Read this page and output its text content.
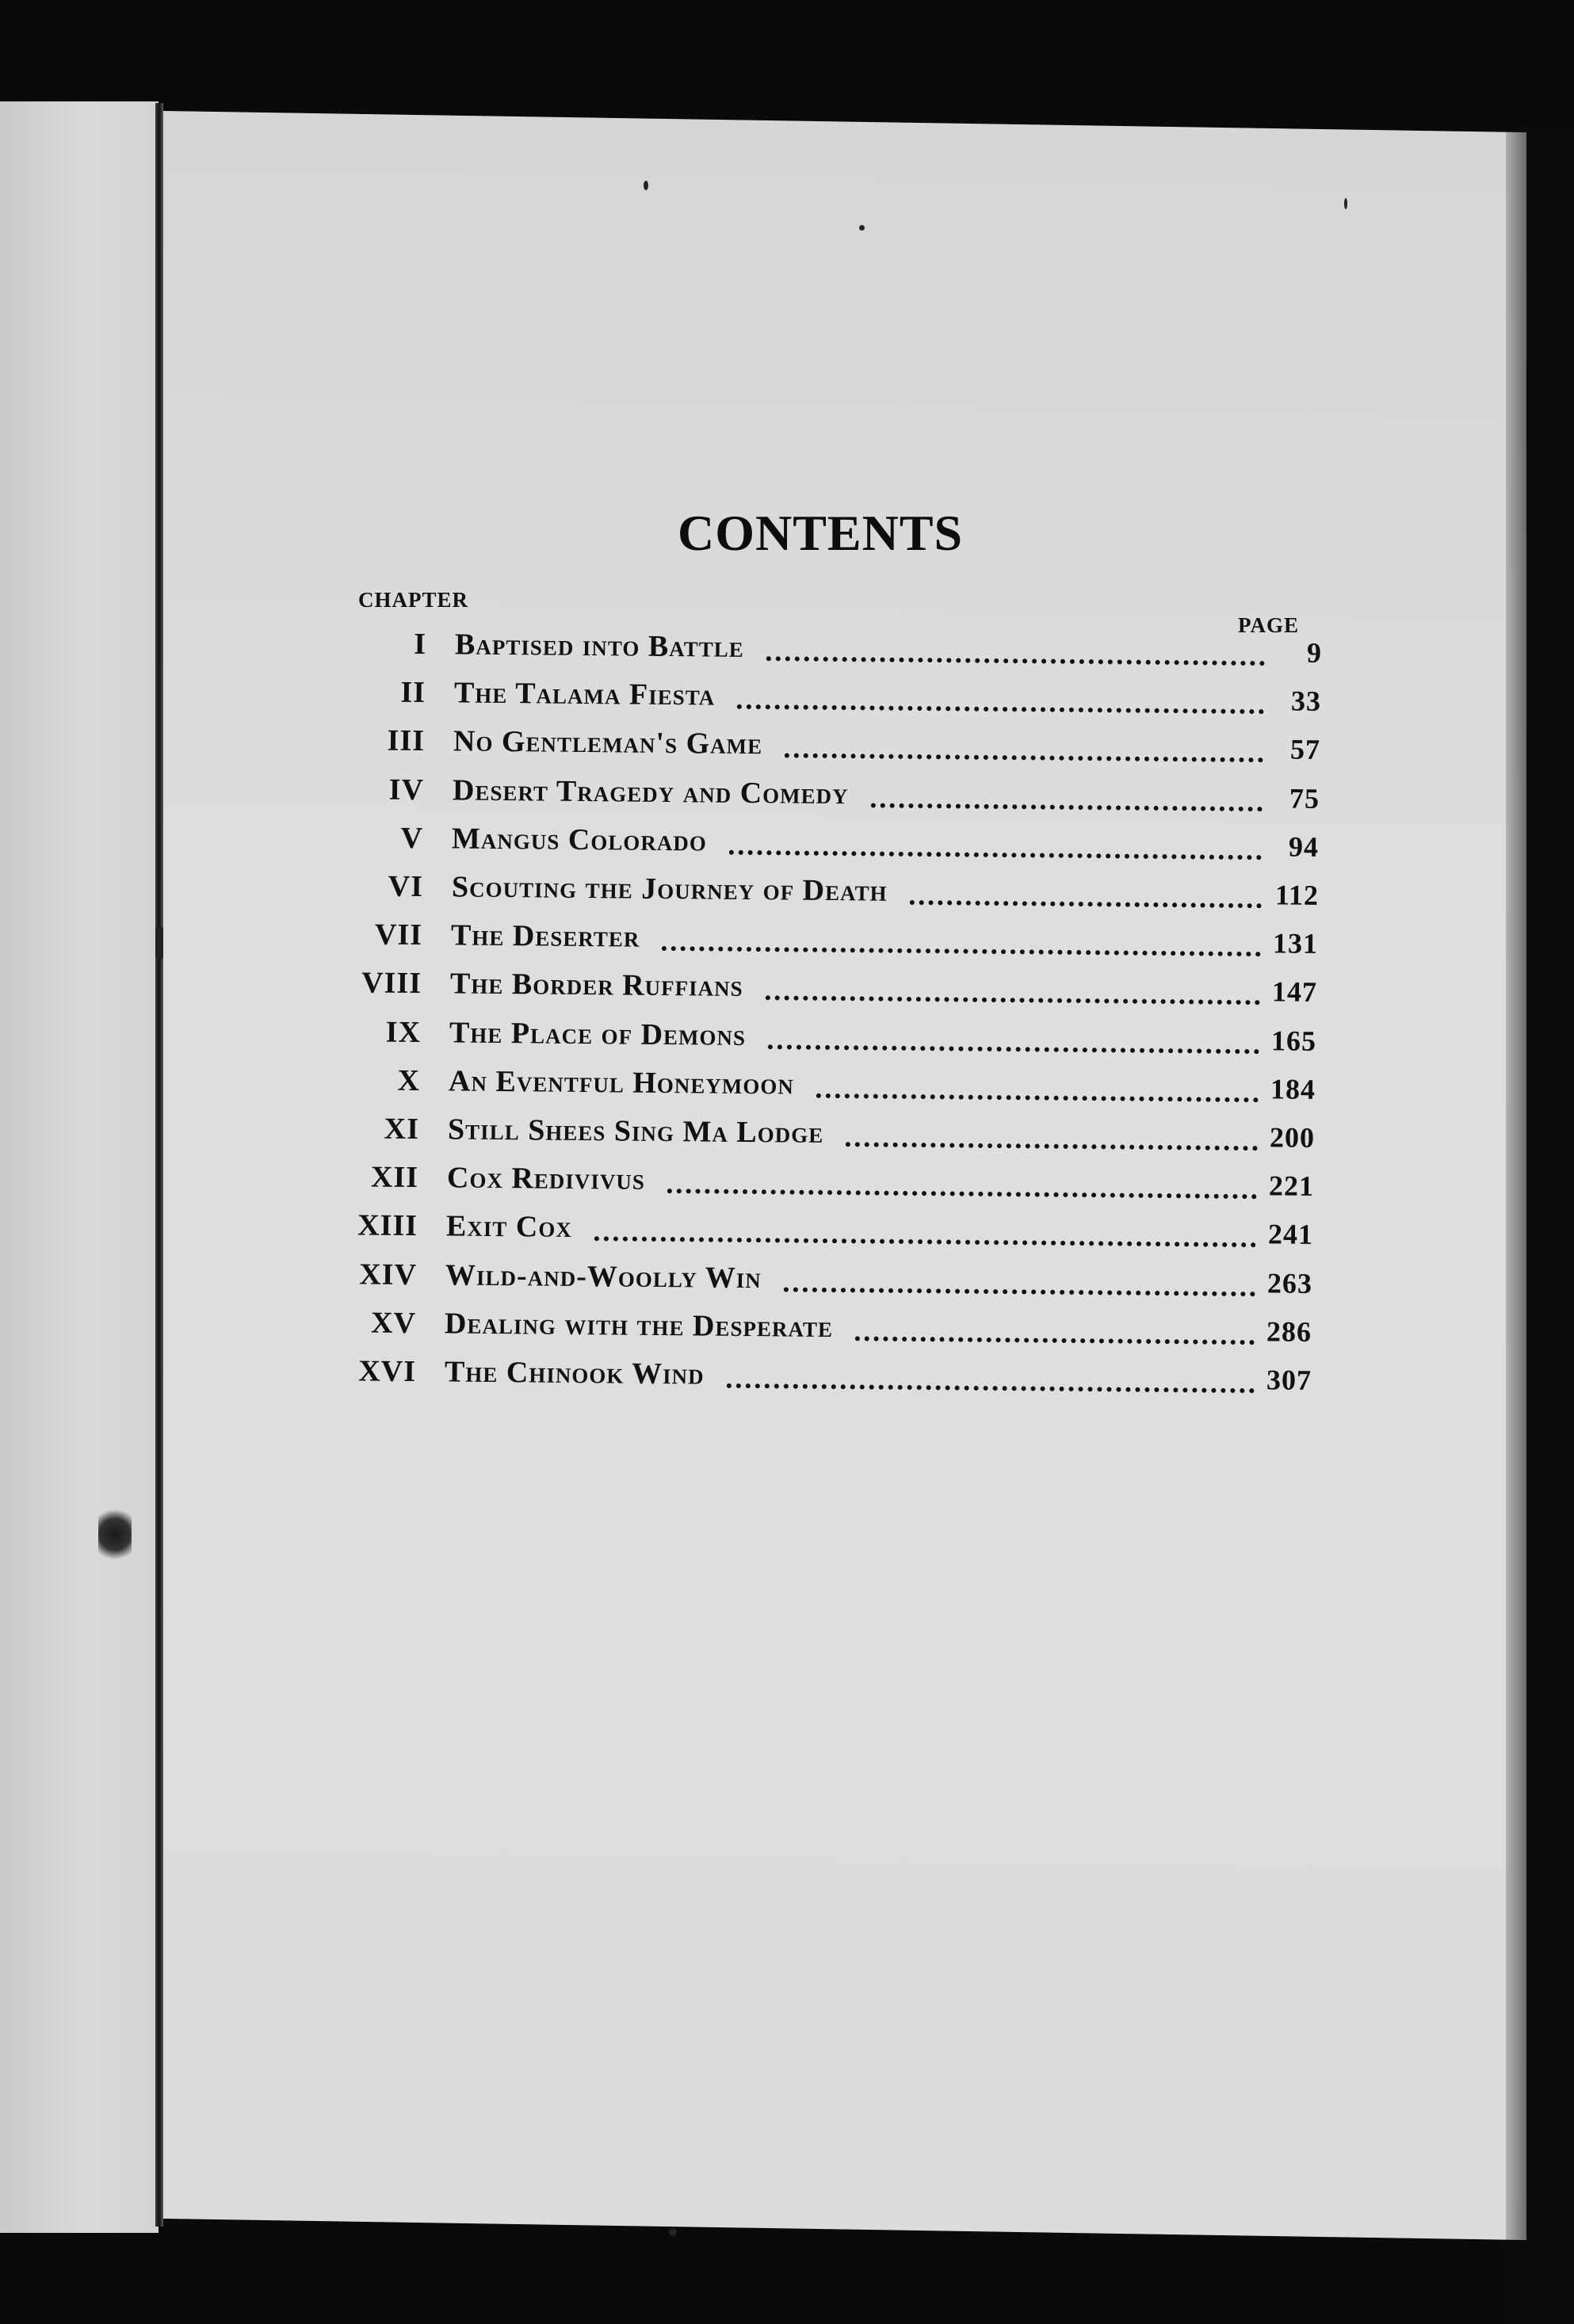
CONTENTS
CHAPTER
PAGE
I Baptised into Battle	9
II The Talama Fiesta	33
III No Gentleman's Game	57
IV Desert Tragedy and Comedy	75
V Mangus Colorado	94
VI Scouting the Journey of Death	112
VII The Deserter	131
VIII The Border Ruffians	147
IX The Place of Demons	165
X An Eventful Honeymoon	184
XI Still Shees Sing Ma Lodge	200
XII Cox Redivivus	221
XIII Exit Cox	241
XIV Wild-and-Woolly Win	263
XV Dealing with the Desperate	286
XVI The Chinook Wind	307
